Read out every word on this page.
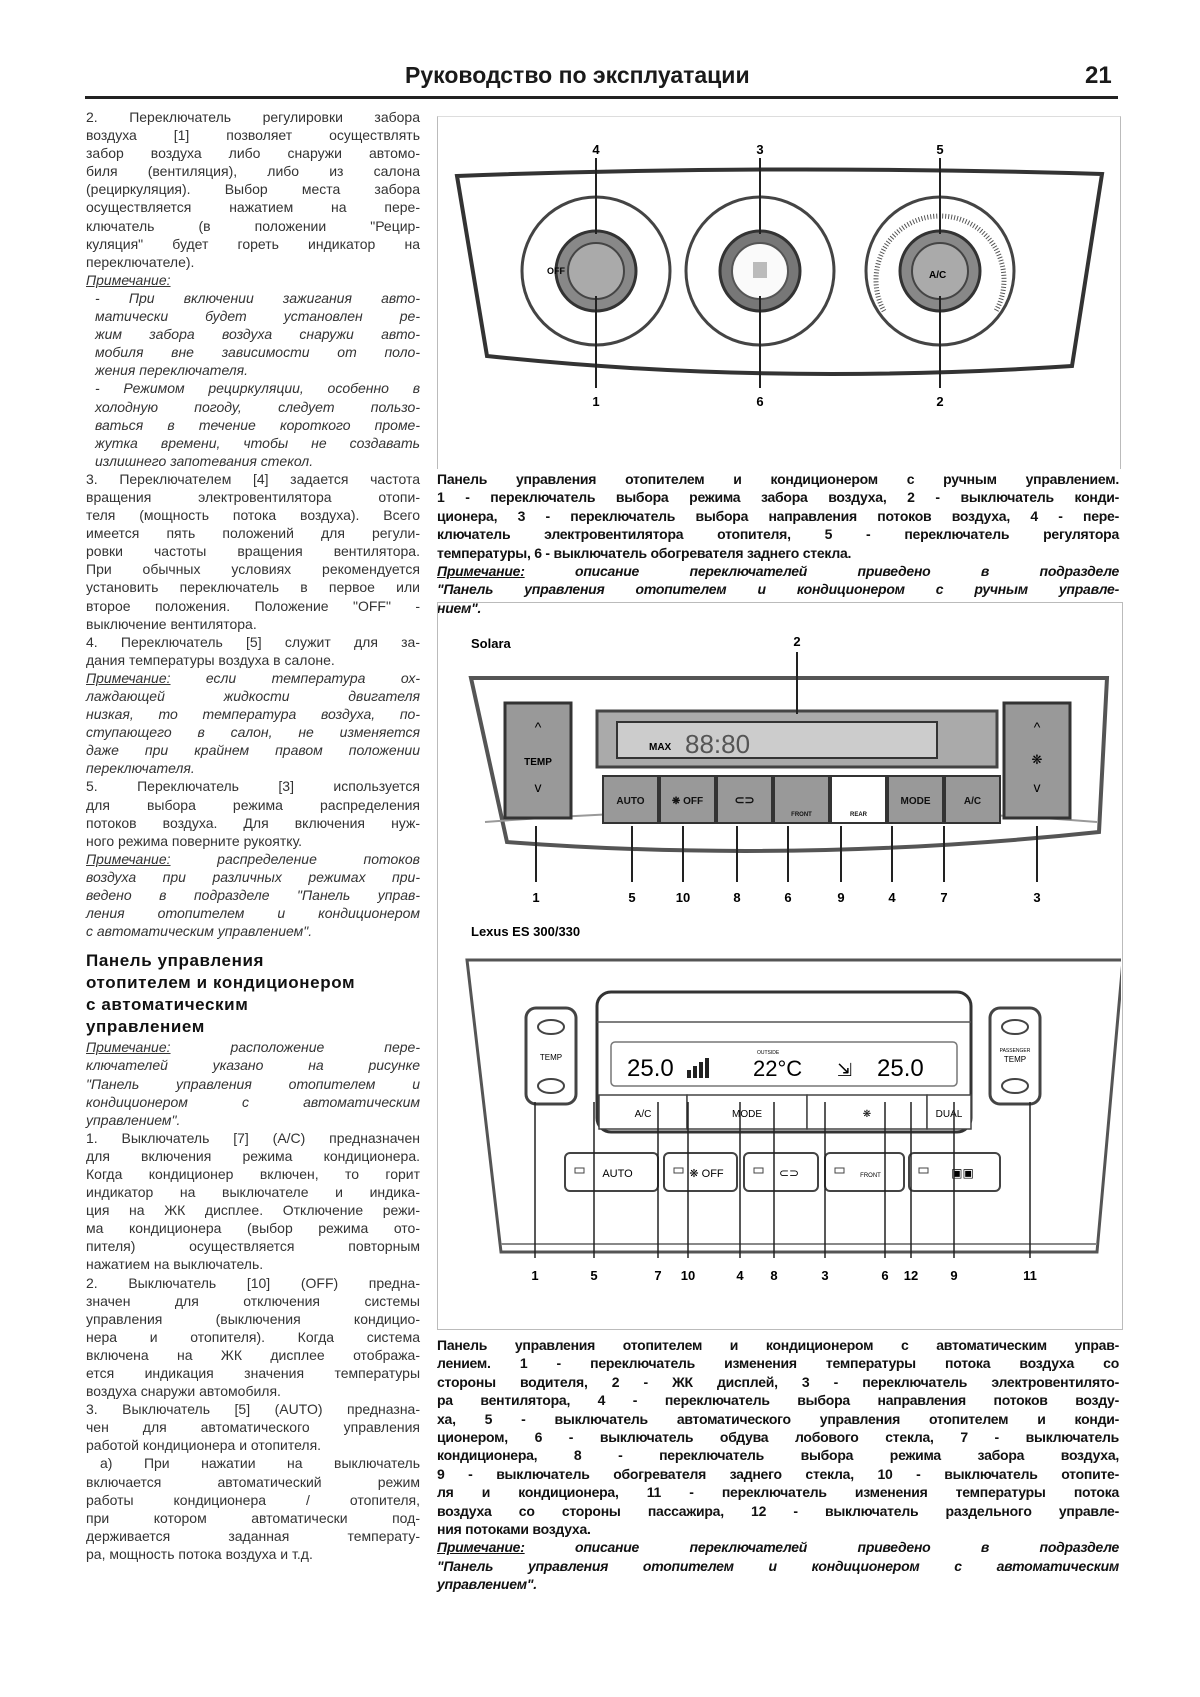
Руководство по эксплуатации	21
2. Переключатель регулировки забора
воздуха [1] позволяет осуществлять
забор воздуха либо снаружи автомо-
биля (вентиляция), либо из салона
(рециркуляция). Выбор места забора
осуществляется нажатием на пере-
ключатель (в положении "Рецир-
куляция" будет гореть индикатор на
переключателе).
Примечание:
- При включении зажигания авто-
матически будет установлен ре-
жим забора воздуха снаружи авто-
мобиля вне зависимости от поло-
жения переключателя.
- Режимом рециркуляции, особенно в
холодную погоду, следует пользо-
ваться в течение короткого проме-
жутка времени, чтобы не создавать
излишнего запотевания стекол.
3. Переключателем [4] задается частота
вращения электровентилятора отопи-
теля (мощность потока воздуха). Всего
имеется пять положений для регули-
ровки частоты вращения вентилятора.
При обычных условиях рекомендуется
установить переключатель в первое или
второе положения. Положение "OFF" -
выключение вентилятора.
4. Переключатель [5] служит для за-
дания температуры воздуха в салоне.
Примечание: если температура ох-
лаждающей жидкости двигателя
низкая, то температура воздуха, по-
ступающего в салон, не изменяется
даже при крайнем правом положении
переключателя.
5. Переключатель [3] используется
для выбора режима распределения
потоков воздуха. Для включения нуж-
ного режима поверните рукоятку.
Примечание: распределение потоков
воздуха при различных режимах при-
ведено в подразделе "Панель управ-
ления отопителем и кондиционером
с автоматическим управлением".
Панель управления
отопителем и кондиционером
с автоматическим
управлением
Примечание: расположение пере-
ключателей указано на рисунке
"Панель управления отопителем и
кондиционером с автоматическим
управлением".
1. Выключатель [7] (A/C) предназначен
для включения режима кондиционера.
Когда кондиционер включен, то горит
индикатор на выключателе и индика-
ция на ЖК дисплее. Отключение режи-
ма кондиционера (выбор режима ото-
пителя) осуществляется повторным
нажатием на выключатель.
2. Выключатель [10] (OFF) предна-
значен для отключения системы
управления (выключения кондицио-
нера и отопителя). Когда система
включена на ЖК дисплее отобража-
ется индикация значения температуры
воздуха снаружи автомобиля.
3. Выключатель [5] (AUTO) предназна-
чен для автоматического управления
работой кондиционера и отопителя.
а) При нажатии на выключатель
включается автоматический режим
работы кондиционера / отопителя,
при котором автоматически под-
держивается заданная температу-
ра, мощность потока воздуха и т.д.
OFF	A/C
4	3	5
1	6	2
Панель управления отопителем и кондиционером с ручным управлением.
1 - переключатель выбора режима забора воздуха, 2 - выключатель конди-
ционера, 3 - переключатель выбора направления потоков воздуха, 4 - пере-
ключатель электровентилятора отопителя, 5 - переключатель регулятора
температуры, 6 - выключатель обогревателя заднего стекла.
Примечание: описание переключателей приведено в подразделе
"Панель управления отопителем и кондиционером с ручным управле-
нием".
Solara
^
TEMP
v
^
❋
v
MAX 88:80
AUTO	❋ OFF	⊂⊃
FRONT	REAR
MODE	A/C
2
1	5	10	8	6	9	4	7	3
Lexus ES 300/330
TEMP
PASSENGER
TEMP
25.0
OUTSIDE
22°C ⇲ 25.0
A/C	MODE	❋	DUAL
AUTO	❋ OFF	⊂⊃	FRONT	▣▣
1	5	7 10	4 8	3	6 12 9	11
Панель управления отопителем и кондиционером с автоматическим управ-
лением. 1 - переключатель изменения температуры потока воздуха со
стороны водителя, 2 - ЖК дисплей, 3 - переключатель электровентилято-
ра вентилятора, 4 - переключатель выбора направления потоков возду-
ха, 5 - выключатель автоматического управления отопителем и конди-
ционером, 6 - выключатель обдува лобового стекла, 7 - выключатель
кондиционера, 8 - переключатель выбора режима забора воздуха,
9 - выключатель обогревателя заднего стекла, 10 - выключатель отопите-
ля и кондиционера, 11 - переключатель изменения температуры потока
воздуха со стороны пассажира, 12 - выключатель раздельного управле-
ния потоками воздуха.
Примечание: описание переключателей приведено в подразделе
"Панель управления отопителем и кондиционером с автоматическим
управлением".
